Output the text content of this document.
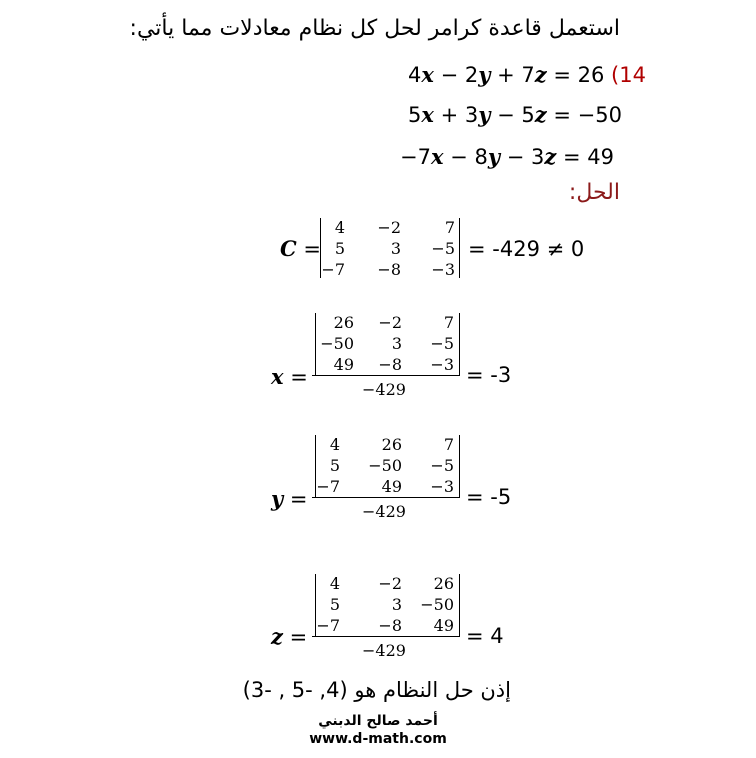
استعمل قاعدة كرامر لحل كل نظام معادلات مما يأتي:
4x − 2y + 7z = 26 (14
5x + 3y − 5z = −50
−7x − 8y − 3z = 49
الحل:
C =
4	−2	7
5	3	−5
−7	−8	−3
= -429 ≠ 0
x =
26	−2	7
−50	3	−5
49	−8	−3
−429
= -3
y =
4	26	7
5	−50	−5
−7	49	−3
−429
= -5
z =
4	−2	26
5	3	−50
−7	−8	49
−429
= 4
إذن حل النظام هو (4, -5 , -3)
أحمد صالح الدبني
www.d-math.com
